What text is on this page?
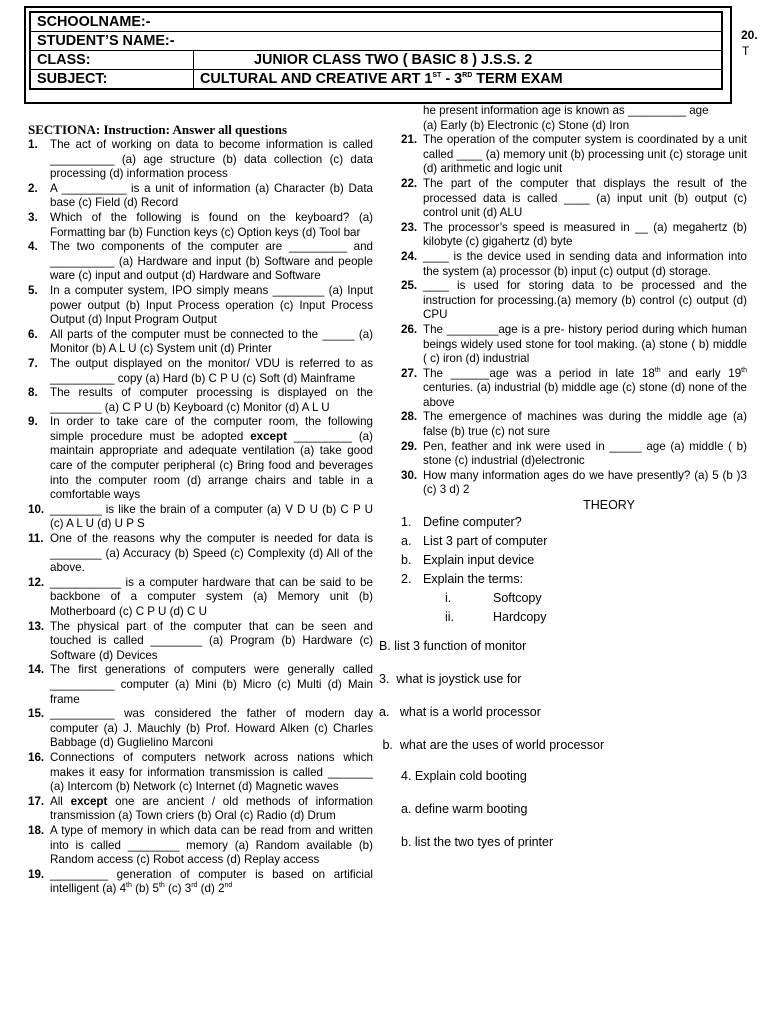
SCHOOLNAME:-	
STUDENT’S NAME:-	
CLASS:	JUNIOR CLASS TWO ( BASIC 8 ) J.S.S. 2
SUBJECT:	CULTURAL AND CREATIVE ART 1ST - 3RD TERM EXAM
20.
T
SECTIONA: Instruction: Answer all questions
1.	The act of working on data to become information is called __________ (a) age structure (b) data collection (c) data processing (d) information process
2.	A __________ is a unit of information (a) Character (b) Data base (c) Field (d) Record
3.	Which of the following is found on the keyboard? (a) Formatting bar (b) Function keys (c) Option keys (d) Tool bar
4.	The two components of the computer are _________ and __________ (a) Hardware and input (b) Software and people ware (c) input and output (d) Hardware and Software
5.	In a computer system, IPO simply means ________ (a) Input power output (b) Input Process operation (c) Input Process Output (d) Input Program Output
6.	All parts of the computer must be connected to the _____ (a) Monitor (b) A L U (c) System unit (d) Printer
7.	The output displayed on the monitor/ VDU is referred to as __________ copy (a) Hard (b) C P U (c) Soft (d) Mainframe
8.	The results of computer processing is displayed on the ________ (a) C P U (b) Keyboard (c) Monitor (d) A L U
9.	In order to take care of the computer room, the following simple procedure must be adopted except _________ (a) maintain appropriate and adequate ventilation (a) take good care of the computer peripheral (c) Bring food and beverages into the computer room (d) arrange chairs and table in a comfortable ways
10. ________ is like the brain of a computer (a) V D U (b) C P U (c) A L U (d) U P S
11. One of the reasons why the computer is needed for data is ________ (a) Accuracy (b) Speed (c) Complexity (d) All of the above.
12. ___________ is a computer hardware that can be said to be backbone of a computer system (a) Memory unit (b) Motherboard (c) C P U (d) C U
13. The physical part of the computer that can be seen and touched is called ________ (a) Program (b) Hardware (c) Software (d) Devices
14. The first generations of computers were generally called __________ computer (a) Mini (b) Micro (c) Multi (d) Main frame
15. __________ was considered the father of modern day computer (a) J. Mauchly (b) Prof. Howard Alken (c) Charles Babbage (d) Guglielino Marconi
16. Connections of computers network across nations which makes it easy for information transmission is called _______ (a) Intercom (b) Network (c) Internet (d) Magnetic waves
17. All except one are ancient / old methods of information transmission (a) Town criers (b) Oral (c) Radio (d) Drum
18. A type of memory in which data can be read from and written into is called ________ memory (a) Random available (b) Random access (c) Robot access (d) Replay access
19. _________ generation of computer is based on artificial intelligent (a) 4th (b) 5th (c) 3rd (d) 2nd
he present information age is known as _________ age
(a) Early (b) Electronic (c) Stone (d) Iron
21. The operation of the computer system is coordinated by a unit called ____ (a) memory unit (b) processing unit (c) storage unit (d) arithmetic and logic unit
22. The part of the computer that displays the result of the processed data is called ____ (a) input unit (b) output (c) control unit (d) ALU
23. The processor’s speed is measured in __ (a) megahertz (b) kilobyte (c) gigahertz (d) byte
24. ____ is the device used in sending data and information into the system (a) processor (b) input (c) output (d) storage.
25. ____ is used for storing data to be processed and the instruction for processing.(a) memory (b) control (c) output (d) CPU
26. The ________age is a pre- history period during which human beings widely used stone for tool making. (a) stone ( b) middle ( c) iron (d) industrial
27. The ______age was a period in late 18th and early 19th centuries. (a) industrial (b) middle age (c) stone (d) none of the above
28. The emergence of machines was during the middle age (a) false (b) true (c) not sure
29. Pen, feather and ink were used in _____ age (a) middle ( b) stone (c) industrial (d)electronic
30. How many information ages do we have presently? (a) 5 (b )3 (c) 3 d) 2
THEORY
1. Define computer?
a. List 3 part of computer
b. Explain input device
2. Explain the terms:
i.	Softcopy
ii.	Hardcopy
B. list 3 function of monitor
3.  what is joystick use for
a.   what is a world processor
b.  what are the uses of world processor
4. Explain cold booting
a. define warm booting
b. list the two tyes of printer
